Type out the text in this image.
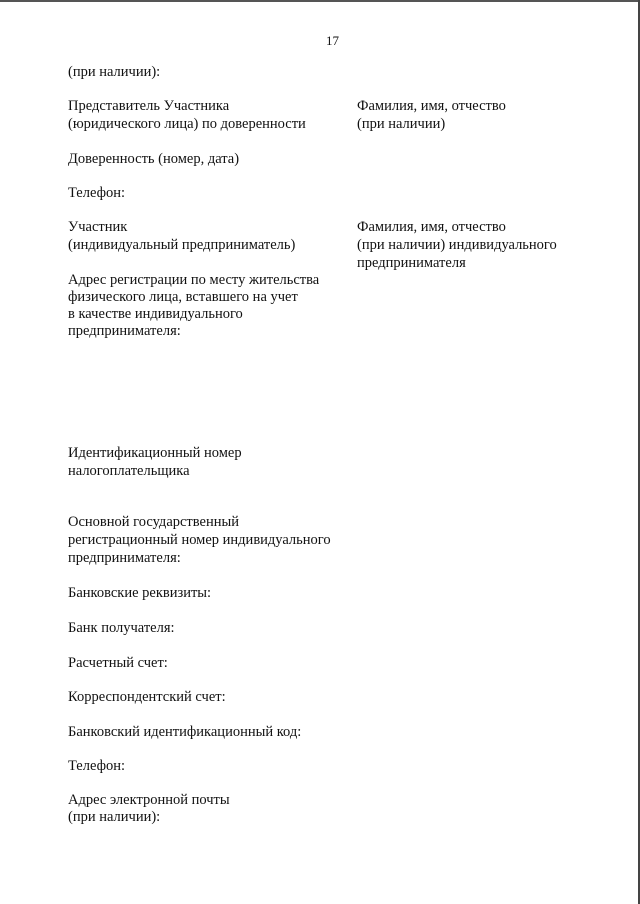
17
(при наличии):
Представитель Участника
(юридического лица) по доверенности
Фамилия, имя, отчество
(при наличии)
Доверенность (номер, дата)
Телефон:
Участник
(индивидуальный предприниматель)
Фамилия, имя, отчество
(при наличии) индивидуального
предпринимателя
Адрес регистрации по месту жительства
физического лица, вставшего на учет
в качестве индивидуального
предпринимателя:
Идентификационный номер
налогоплательщика
Основной государственный
регистрационный номер индивидуального
предпринимателя:
Банковские реквизиты:
Банк получателя:
Расчетный счет:
Корреспондентский счет:
Банковский идентификационный код:
Телефон:
Адрес электронной почты
(при наличии):
